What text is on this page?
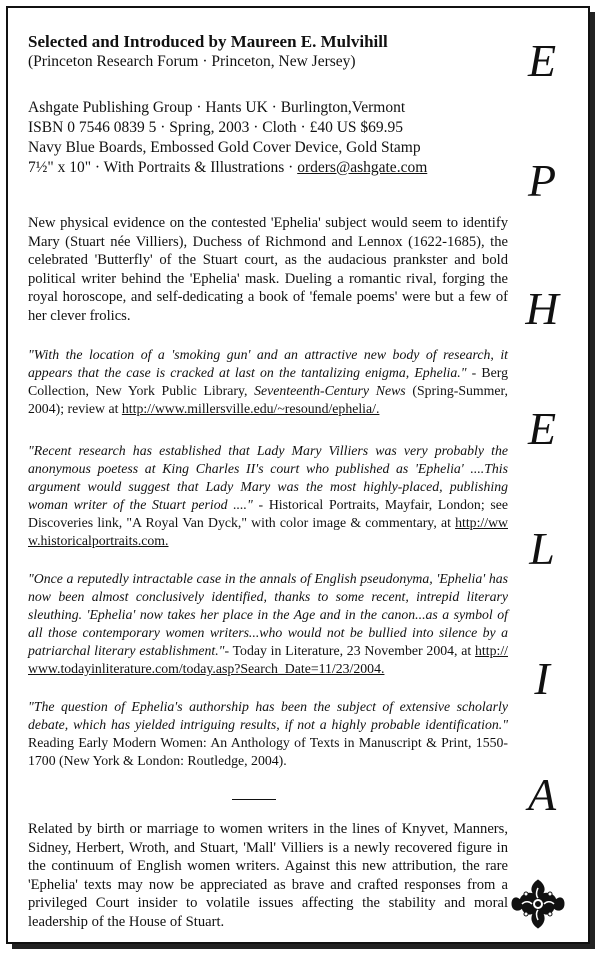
Selected and Introduced by Maureen E. Mulvihill
(Princeton Research Forum · Princeton, New Jersey)
Ashgate Publishing Group · Hants UK · Burlington,Vermont
ISBN 0 7546 0839 5 · Spring, 2003 · Cloth · £40 US $69.95
Navy Blue Boards, Embossed Gold Cover Device, Gold Stamp
7½" x 10" · With Portraits & Illustrations · orders@ashgate.com
New physical evidence on the contested 'Ephelia' subject would seem to identify Mary (Stuart née Villiers), Duchess of Richmond and Lennox (1622-1685), the celebrated 'Butterfly' of the Stuart court, as the audacious prankster and bold political writer behind the 'Ephelia' mask. Dueling a romantic rival, forging the royal horoscope, and self-dedicating a book of 'female poems' were but a few of her clever frolics.
"With the location of a 'smoking gun' and an attractive new body of research, it appears that the case is cracked at last on the tantalizing enigma, Ephelia." - Berg Collection, New York Public Library, Seventeenth-Century News (Spring-Summer, 2004); review at http://www.millersville.edu/~resound/ephelia/.
"Recent research has established that Lady Mary Villiers was very probably the anonymous poetess at King Charles II's court who published as 'Ephelia' ....This argument would suggest that Lady Mary was the most highly-placed, publishing woman writer of the Stuart period ...." - Historical Portraits, Mayfair, London; see Discoveries link, "A Royal Van Dyck," with color image & commentary, at http://www.historicalportraits.com.
"Once a reputedly intractable case in the annals of English pseudonyma, 'Ephelia' has now been almost conclusively identified, thanks to some recent, intrepid literary sleuthing. 'Ephelia' now takes her place in the Age and in the canon...as a symbol of all those contemporary women writers...who would not be bullied into silence by a patriarchal literary establishment."- Today in Literature, 23 November 2004, at http://www.todayinliterature.com/today.asp?Search_Date=11/23/2004.
"The question of Ephelia's authorship has been the subject of extensive scholarly debate, which has yielded intriguing results, if not a highly probable identification." Reading Early Modern Women: An Anthology of Texts in Manuscript & Print, 1550-1700 (New York & London: Routledge, 2004).
Related by birth or marriage to women writers in the lines of Knyvet, Manners, Sidney, Herbert, Wroth, and Stuart, 'Mall' Villiers is a newly recovered figure in the continuum of English women writers. Against this new attribution, the rare 'Ephelia' texts may now be appreciated as brave and crafted responses from a privileged Court insider to volatile issues affecting the stability and moral leadership of the House of Stuart.
E
P
H
E
L
I
A
